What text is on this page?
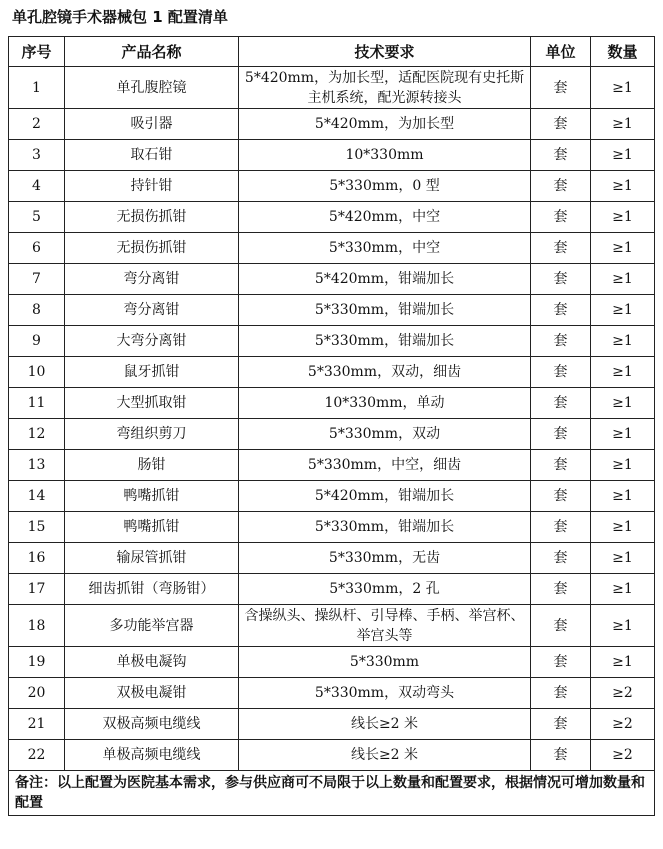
单孔腔镜手术器械包 1 配置清单
序号	产品名称	技术要求	单位	数量
1	单孔腹腔镜	5*420mm，为加长型，适配医院现有史托斯主机系统，配光源转接头	套	≥1
2	吸引器	5*420mm，为加长型	套	≥1
3	取石钳	10*330mm	套	≥1
4	持针钳	5*330mm，0 型	套	≥1
5	无损伤抓钳	5*420mm，中空	套	≥1
6	无损伤抓钳	5*330mm，中空	套	≥1
7	弯分离钳	5*420mm，钳端加长	套	≥1
8	弯分离钳	5*330mm，钳端加长	套	≥1
9	大弯分离钳	5*330mm，钳端加长	套	≥1
10	鼠牙抓钳	5*330mm，双动，细齿	套	≥1
11	大型抓取钳	10*330mm，单动	套	≥1
12	弯组织剪刀	5*330mm，双动	套	≥1
13	肠钳	5*330mm，中空，细齿	套	≥1
14	鸭嘴抓钳	5*420mm，钳端加长	套	≥1
15	鸭嘴抓钳	5*330mm，钳端加长	套	≥1
16	输尿管抓钳	5*330mm，无齿	套	≥1
17	细齿抓钳（弯肠钳）	5*330mm，2 孔	套	≥1
18	多功能举宫器	含操纵头、操纵杆、引导棒、手柄、举宫杯、举宫头等	套	≥1
19	单极电凝钩	5*330mm	套	≥1
20	双极电凝钳	5*330mm，双动弯头	套	≥2
21	双极高频电缆线	线长≥2 米	套	≥2
22	单极高频电缆线	线长≥2 米	套	≥2
备注：以上配置为医院基本需求，参与供应商可不局限于以上数量和配置要求，根据情况可增加数量和配置				
